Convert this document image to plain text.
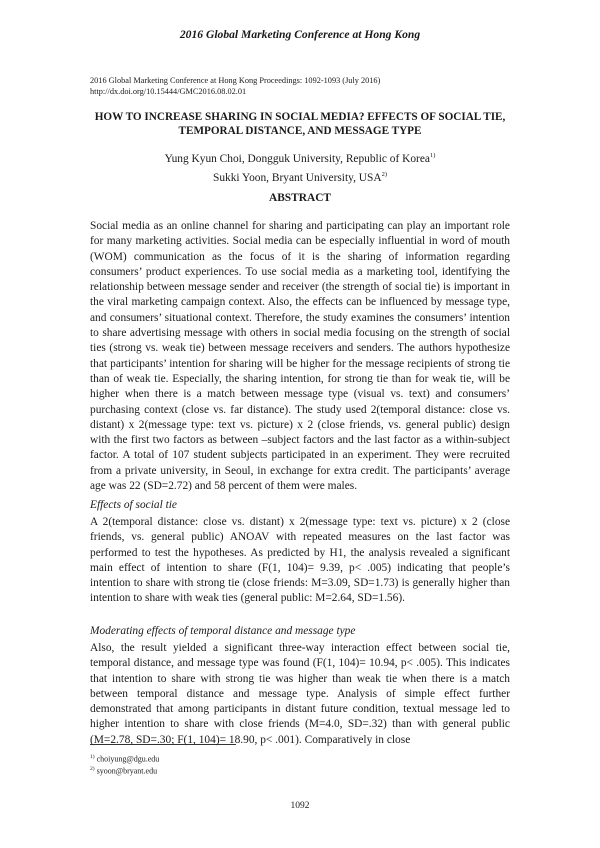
2016 Global Marketing Conference at Hong Kong
2016 Global Marketing Conference at Hong Kong Proceedings: 1092-1093 (July 2016)
http://dx.doi.org/10.15444/GMC2016.08.02.01
HOW TO INCREASE SHARING IN SOCIAL MEDIA? EFFECTS OF SOCIAL TIE, TEMPORAL DISTANCE, AND MESSAGE TYPE
Yung Kyun Choi, Dongguk University, Republic of Korea$^{1)}$
Sukki Yoon, Bryant University, USA$^{2)}$
ABSTRACT

Social media as an online channel for sharing and participating can play an important role for many marketing activities. Social media can be especially influential in word of mouth (WOM) communication as the focus of it is the sharing of information regarding consumers’ product experiences. To use social media as a marketing tool, identifying the relationship between message sender and receiver (the strength of social tie) is important in the viral marketing campaign context. Also, the effects can be influenced by message type, and consumers’ situational context. Therefore, the study examines the consumers’ intention to share advertising message with others in social media focusing on the strength of social ties (strong vs. weak tie) between message receivers and senders. The authors hypothesize that participants’ intention for sharing will be higher for the message recipients of strong tie than of weak tie. Especially, the sharing intention, for strong tie than for weak tie, will be higher when there is a match between message type (visual vs. text) and consumers’ purchasing context (close vs. far distance). The study used 2(temporal distance: close vs. distant) x 2(message type: text vs. picture) x 2 (close friends, vs. general public) design with the first two factors as between –subject factors and the last factor as a within-subject factor. A total of 107 student subjects participated in an experiment. They were recruited from a private university, in Seoul, in exchange for extra credit. The participants’ average age was 22 (SD=2.72) and 58 percent of them were males.

Effects of social tie

A 2(temporal distance: close vs. distant) x 2(message type: text vs. picture) x 2 (close friends, vs. general public) ANOAV with repeated measures on the last factor was performed to test the hypotheses. As predicted by H1, the analysis revealed a significant main effect of intention to share (F(1, 104)= 9.39, p< .005) indicating that people’s intention to share with strong tie (close friends: M=3.09, SD=1.73) is generally higher than intention to share with weak ties (general public: M=2.64, SD=1.56).

Moderating effects of temporal distance and message type

Also, the result yielded a significant three-way interaction effect between social tie, temporal distance, and message type was found (F(1, 104)= 10.94, p< .005). This indicates that intention to share with strong tie was higher than weak tie when there is a match between temporal distance and message type. Analysis of simple effect further demonstrated that among participants in distant future condition, textual message led to higher intention to share with close friends (M=4.0, SD=.32) than with general public (M=2.78, SD=.30; F(1, 104)= 18.90, p< .001). Comparatively in close

$^{1)}$ choiyung@dgu.edu
$^{2)}$ syoon@bryant.edu
1092
